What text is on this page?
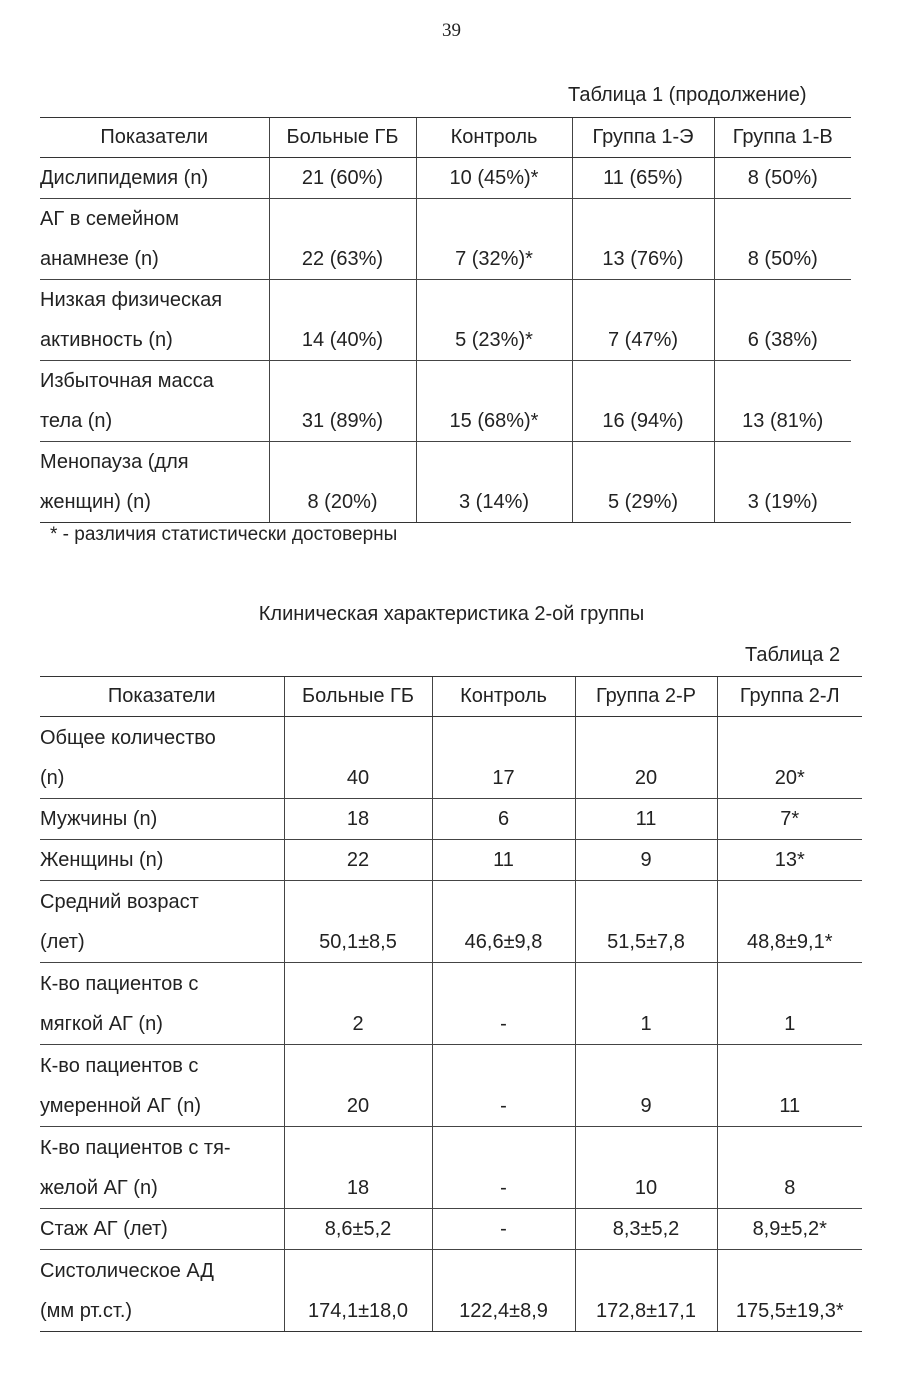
39
Таблица 1 (продолжение)
Показатели	Больные ГБ	Контроль	Группа 1-Э	Группа 1-В

Дислипидемия (n)	21 (60%)	10 (45%)*	11 (65%)	8 (50%)

АГ в семейном
анамнезе (n)	22 (63%)	7 (32%)*	13 (76%)	8 (50%)

Низкая физическая
активность (n)	14 (40%)	5 (23%)*	7 (47%)	6 (38%)

Избыточная масса
тела (n)	31 (89%)	15 (68%)*	16 (94%)	13 (81%)

Менопауза (для
женщин) (n)	8 (20%)	3 (14%)	5 (29%)	3 (19%)
* - различия статистически достоверны
Клиническая характеристика 2-ой группы
Таблица 2
Показатели	Больные ГБ	Контроль	Группа 2-Р	Группа 2-Л

Общее количество
(n)	40	17	20	20*

Мужчины (n)	18	6	11	7*

Женщины (n)	22	11	9	13*

Средний возраст
(лет)	50,1±8,5	46,6±9,8	51,5±7,8	48,8±9,1*

К-во пациентов с
мягкой АГ (n)	2	-	1	1

К-во пациентов с
умеренной АГ (n)	20	-	9	11

К-во пациентов с тя-
желой АГ (n)	18	-	10	8

Стаж АГ (лет)	8,6±5,2	-	8,3±5,2	8,9±5,2*

Систолическое АД
(мм рт.ст.)	174,1±18,0	122,4±8,9	172,8±17,1	175,5±19,3*
